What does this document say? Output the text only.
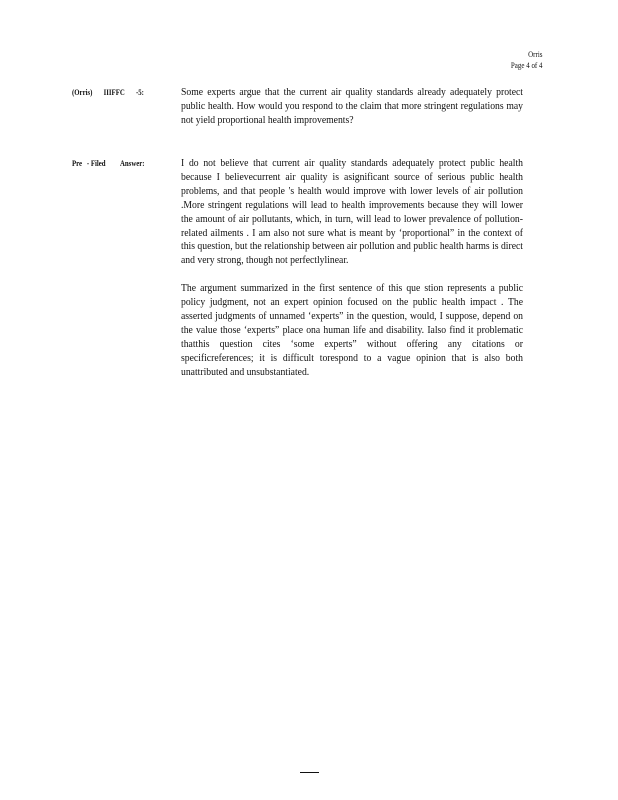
Orris
Page 4 of 4
(Orris) IIIFFC -5:	Some experts argue that the current air quality standards already adequately protect public health. How would you respond to the claim that more stringent regulations may not yield proportional health improvements?
Pre - Filed Answer:	I do not believe that current air quality standards adequately protect public health because I believecurrent air quality is asignificant source of serious public health problems, and that people 's health would improve with lower levels of air pollution .More stringent regulations will lead to health improvements because they will lower the amount of air pollutants, which, in turn, will lead to lower prevalence of pollution- related ailments . I am also not sure what is meant by ‘proportional” in the context of this question, but the relationship between air pollution and public health harms is direct and very strong, though not perfectlylinear.
The argument summarized in the first sentence of this que stion represents a public policy judgment, not an expert opinion focused on the public health impact . The asserted judgments of unnamed ‘experts” in the question, would, I suppose, depend on the value those ‘experts” place ona human life and disability. Ialso find it problematic thatthis question cites ‘some experts” without offering any citations or specificreferences; it is difficult torespond to a vague opinion that is also both unattributed and unsubstantiated.
